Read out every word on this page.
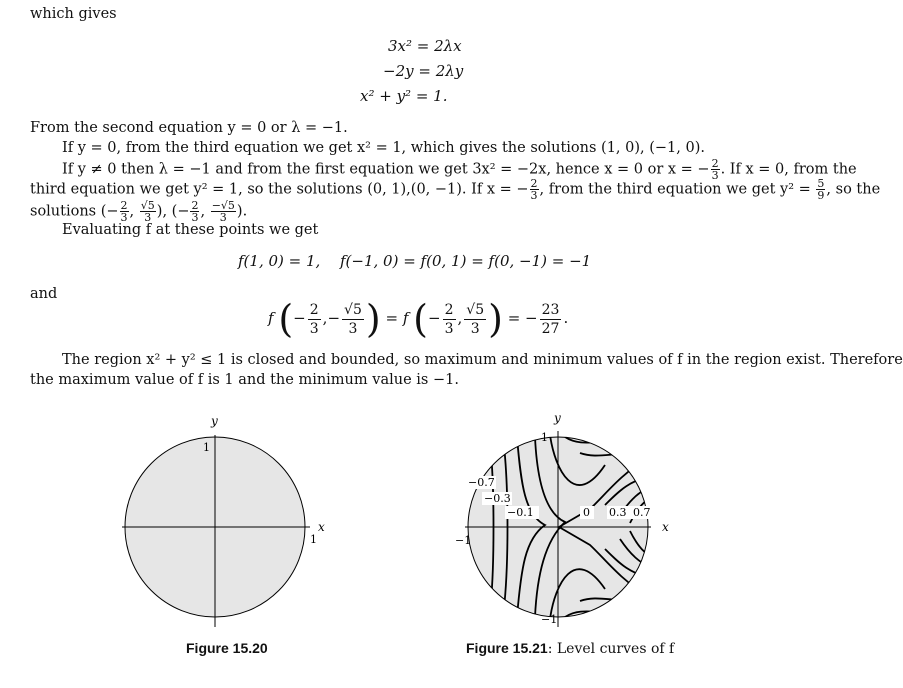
which gives
3x² = 2λx
−2y = 2λy
x² + y² = 1.
From the second equation y = 0 or λ = −1.
If y = 0, from the third equation we get x² = 1, which gives the solutions (1, 0), (−1, 0).
If y ≠ 0 then λ = −1 and from the first equation we get 3x² = −2x, hence x = 0 or x = − $\frac{2}{3}$ . If x = 0, from the
third equation we get y² = 1, so the solutions (0, 1),(0, −1). If x = − $\frac{2}{3}$ , from the third equation we get $y^2 = \frac{5}{9}$ , so the
solutions (− $\frac{2}{3}$ , $\frac{√5}{3}$ ), (− $\frac{2}{3}$ , $\frac{-√5}{3}$ ).
Evaluating f at these points we get
f(1, 0) = 1, f(−1, 0) = f(0, 1) = f(0, −1) = −1
and
f (− $\frac{2}{3}$ ,− $\frac{√5}{3}$ ) = f (− $\frac{2}{3}$ , $\frac{√5}{3}$ ) = − $\frac{23}{27}$ .
The region x² + y² ≤ 1 is closed and bounded, so maximum and minimum values of f in the region exist. Therefore
the maximum value of f is 1 and the minimum value is −1.
y
x
1
1
Figure 15.20
y
x
1
−1
−1
−0.7
−0.3
−0.1	0 0.3 0.7
Figure 15.21: Level curves of f
